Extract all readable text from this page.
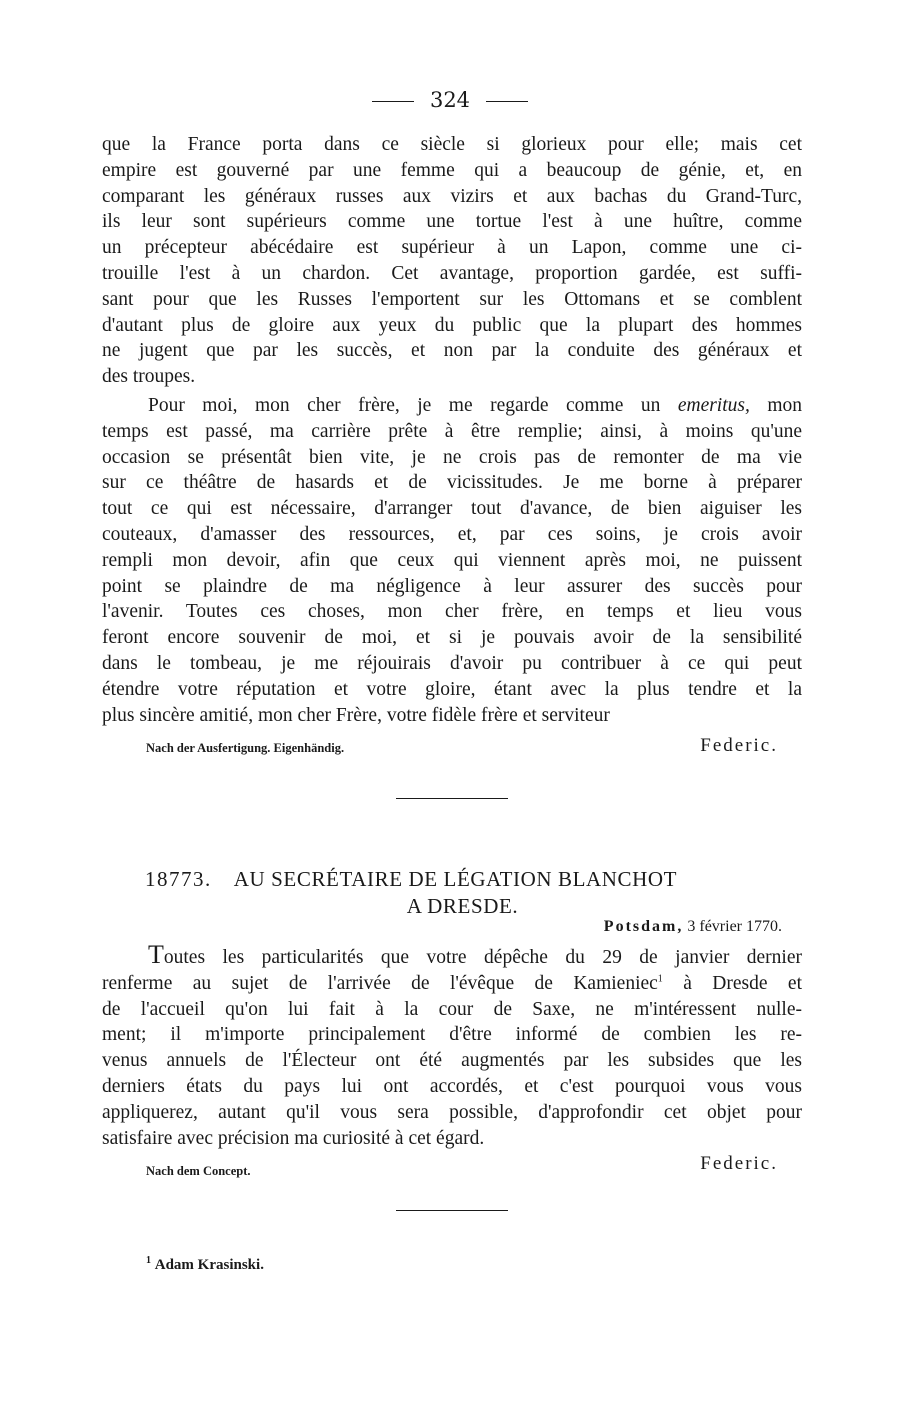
324
que la France porta dans ce siècle si glorieux pour elle; mais cet
empire est gouverné par une femme qui a beaucoup de génie, et, en
comparant les généraux russes aux vizirs et aux bachas du Grand-Turc,
ils leur sont supérieurs comme une tortue l'est à une huître, comme
un précepteur abécédaire est supérieur à un Lapon, comme une ci-
trouille l'est à un chardon. Cet avantage, proportion gardée, est suffi-
sant pour que les Russes l'emportent sur les Ottomans et se comblent
d'autant plus de gloire aux yeux du public que la plupart des hommes
ne jugent que par les succès, et non par la conduite des généraux et
des troupes.
Pour moi, mon cher frère, je me regarde comme un emeritus, mon
temps est passé, ma carrière prête à être remplie; ainsi, à moins qu'une
occasion se présentât bien vite, je ne crois pas de remonter de ma vie
sur ce théâtre de hasards et de vicissitudes. Je me borne à préparer
tout ce qui est nécessaire, d'arranger tout d'avance, de bien aiguiser les
couteaux, d'amasser des ressources, et, par ces soins, je crois avoir
rempli mon devoir, afin que ceux qui viennent après moi, ne puissent
point se plaindre de ma négligence à leur assurer des succès pour
l'avenir. Toutes ces choses, mon cher frère, en temps et lieu vous
feront encore souvenir de moi, et si je pouvais avoir de la sensibilité
dans le tombeau, je me réjouirais d'avoir pu contribuer à ce qui peut
étendre votre réputation et votre gloire, étant avec la plus tendre et la
plus sincère amitié, mon cher Frère, votre fidèle frère et serviteur
Nach der Ausfertigung. Eigenhändig.	Federic.
18773. AU SECRÉTAIRE DE LÉGATION BLANCHOT
A DRESDE.
Potsdam, 3 février 1770.
Toutes les particularités que votre dépêche du 29 de janvier dernier
renferme au sujet de l'arrivée de l'évêque de Kamieniec$^1$ à Dresde et
de l'accueil qu'on lui fait à la cour de Saxe, ne m'intéressent nulle-
ment; il m'importe principalement d'être informé de combien les re-
venus annuels de l'Électeur ont été augmentés par les subsides que les
derniers états du pays lui ont accordés, et c'est pourquoi vous vous
appliquerez, autant qu'il vous sera possible, d'approfondir cet objet pour
satisfaire avec précision ma curiosité à cet égard.
Nach dem Concept.	Federic.
$^1$ Adam Krasinski.
